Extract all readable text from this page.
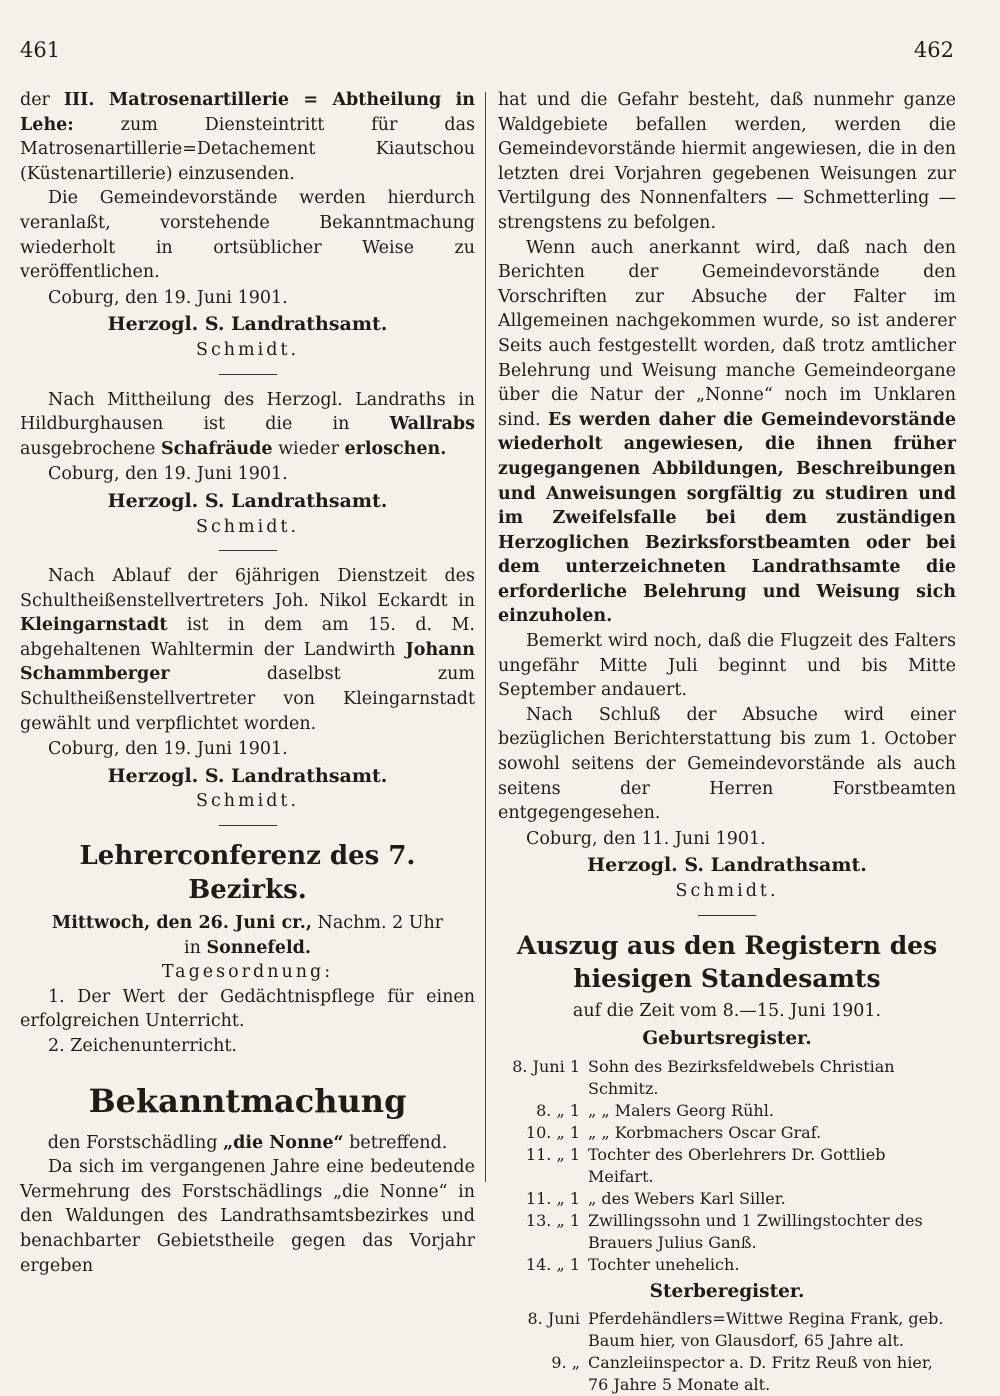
461	462

der III. Matrosenartillerie = Abtheilung in Lehe: zum Diensteintritt für das Matrosenartillerie=Detachement Kiautschou (Küstenartillerie) einzusenden.

Die Gemeindevorstände werden hierdurch veranlaßt, vorstehende Bekanntmachung wiederholt in ortsüblicher Weise zu veröffentlichen.

Coburg, den 19. Juni 1901.

Herzogl. S. Landrathsamt.

Schmidt.

Nach Mittheilung des Herzogl. Landraths in Hildburghausen ist die in Wallrabs ausgebrochene Schafräude wieder erloschen.

Coburg, den 19. Juni 1901.

Herzogl. S. Landrathsamt.

Schmidt.

Nach Ablauf der 6jährigen Dienstzeit des Schultheißenstellvertreters Joh. Nikol Eckardt in Kleingarnstadt ist in dem am 15. d. M. abgehaltenen Wahltermin der Landwirth Johann Schammberger daselbst zum Schultheißenstellvertreter von Kleingarnstadt gewählt und verpflichtet worden.

Coburg, den 19. Juni 1901.

Herzogl. S. Landrathsamt.

Schmidt.

Lehrerconferenz des 7. Bezirks.

Mittwoch, den 26. Juni cr., Nachm. 2 Uhr

in Sonnefeld.

Tagesordnung:

1. Der Wert der Gedächtnispflege für einen erfolgreichen Unterricht.

2. Zeichenunterricht.

Bekanntmachung

den Forstschädling „die Nonne“ betreffend.

Da sich im vergangenen Jahre eine bedeutende Vermehrung des Forstschädlings „die Nonne“ in den Waldungen des Landrathsamtsbezirkes und benachbarter Gebietstheile gegen das Vorjahr ergeben

hat und die Gefahr besteht, daß nunmehr ganze Waldgebiete befallen werden, werden die Gemeindevorstände hiermit angewiesen, die in den letzten drei Vorjahren gegebenen Weisungen zur Vertilgung des Nonnenfalters — Schmetterling — strengstens zu befolgen.

Wenn auch anerkannt wird, daß nach den Berichten der Gemeindevorstände den Vorschriften zur Absuche der Falter im Allgemeinen nachgekommen wurde, so ist anderer Seits auch festgestellt worden, daß trotz amtlicher Belehrung und Weisung manche Gemeindeorgane über die Natur der „Nonne“ noch im Unklaren sind. Es werden daher die Gemeindevorstände wiederholt angewiesen, die ihnen früher zugegangenen Abbildungen, Beschreibungen und Anweisungen sorgfältig zu studiren und im Zweifelsfalle bei dem zuständigen Herzoglichen Bezirksforstbeamten oder bei dem unterzeichneten Landrathsamte die erforderliche Belehrung und Weisung sich einzuholen.

Bemerkt wird noch, daß die Flugzeit des Falters ungefähr Mitte Juli beginnt und bis Mitte September andauert.

Nach Schluß der Absuche wird einer bezüglichen Berichterstattung bis zum 1. October sowohl seitens der Gemeindevorstände als auch seitens der Herren Forstbeamten entgegengesehen.

Coburg, den 11. Juni 1901.

Herzogl. S. Landrathsamt.

Schmidt.

Auszug aus den Registern des hiesigen Standesamts

auf die Zeit vom 8.—15. Juni 1901.

Geburtsregister.
8. Juni 1 Sohn des Bezirksfeldwebels Christian Schmitz.
8. „ 1 „ „ Malers Georg Rühl.
10. „ 1 „ „ Korbmachers Oscar Graf.
11. „ 1 Tochter des Oberlehrers Dr. Gottlieb Meifart.
11. „ 1 „ des Webers Karl Siller.
13. „ 1 Zwillingssohn und 1 Zwillingstochter des Brauers Julius Ganß.
14. „ 1 Tochter unehelich.
Sterberegister.
8. Juni Pferdehändlers=Wittwe Regina Frank, geb. Baum hier, von Glausdorf, 65 Jahre alt.
9. „ Canzleiinspector a. D. Fritz Reuß von hier, 76 Jahre 5 Monate alt.
